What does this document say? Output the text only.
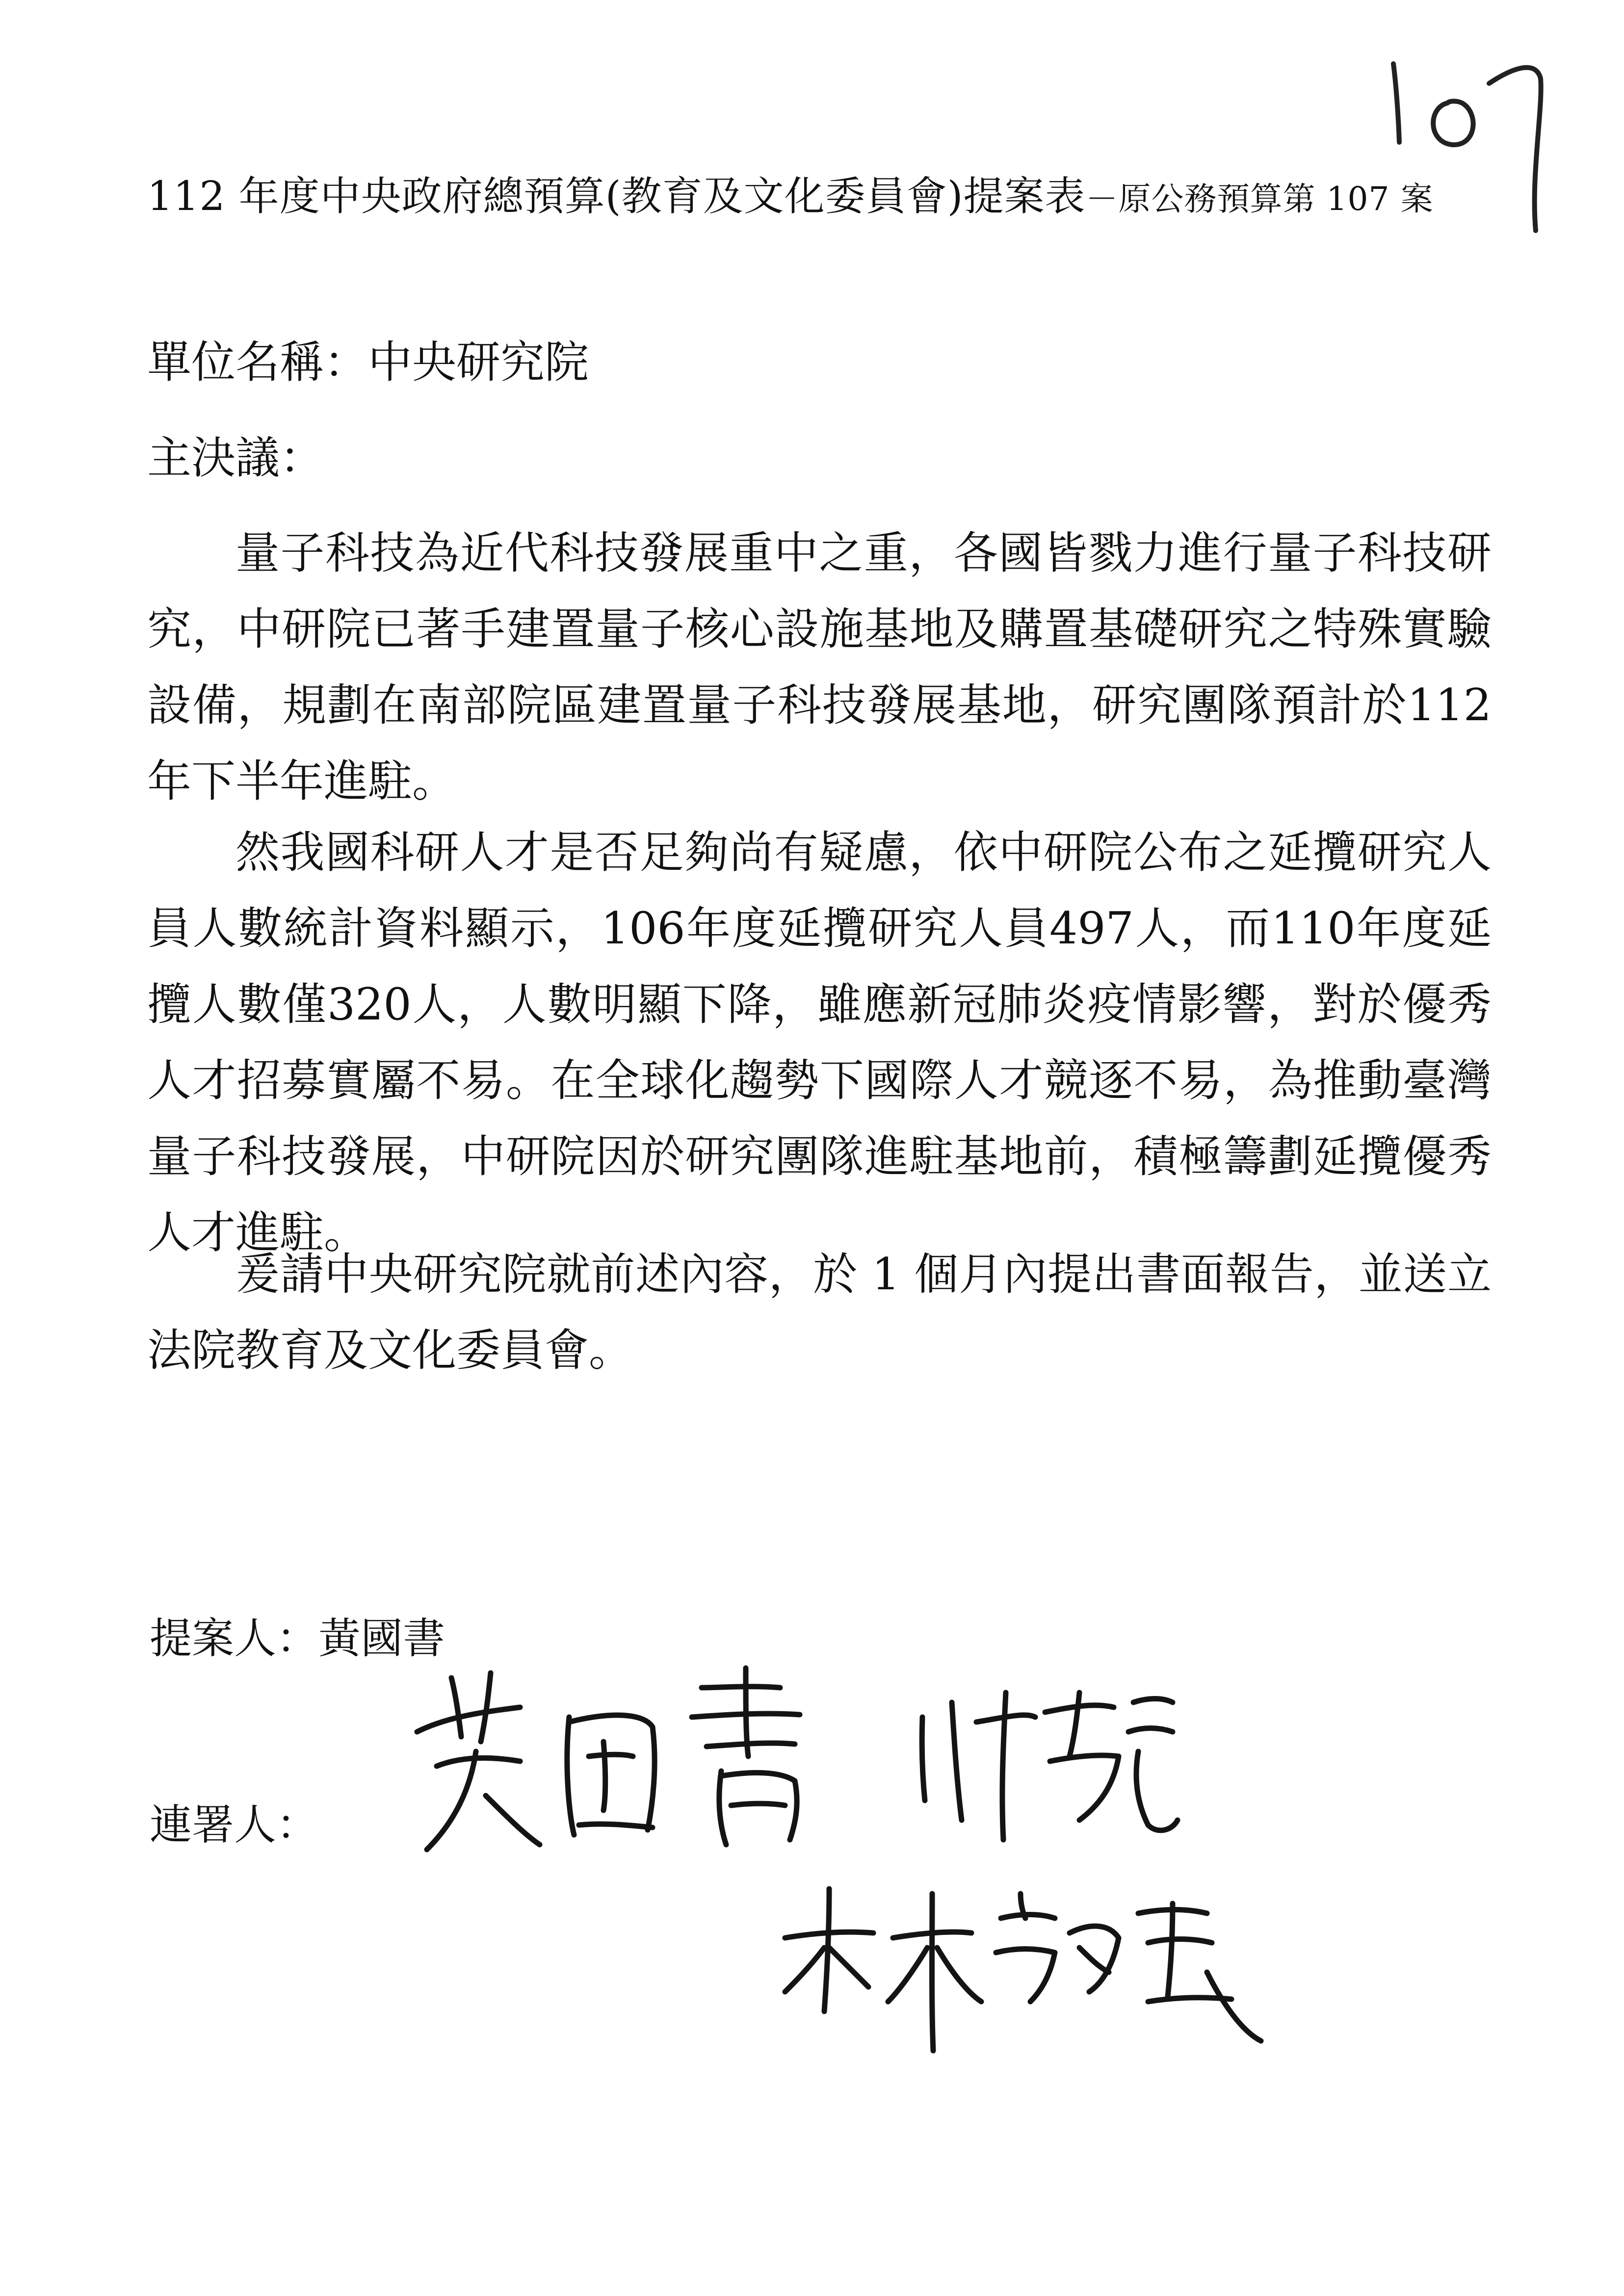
112 年度中央政府總預算(教育及文化委員會)提案表－原公務預算第 107 案
單位名稱：中央研究院
主決議：

量子科技為近代科技發展重中之重，各國皆戮力進行量子科技研究，中研院已著手建置量子核心設施基地及購置基礎研究之特殊實驗設備，規劃在南部院區建置量子科技發展基地，研究團隊預計於112年下半年進駐。

然我國科研人才是否足夠尚有疑慮，依中研院公布之延攬研究人員人數統計資料顯示，106年度延攬研究人員497人，而110年度延攬人數僅320人，人數明顯下降，雖應新冠肺炎疫情影響，對於優秀人才招募實屬不易。在全球化趨勢下國際人才競逐不易，為推動臺灣量子科技發展，中研院因於研究團隊進駐基地前，積極籌劃延攬優秀人才進駐。

爰請中央研究院就前述內容，於 1 個月內提出書面報告，並送立法院教育及文化委員會。

提案人：黃國書
連署人：
